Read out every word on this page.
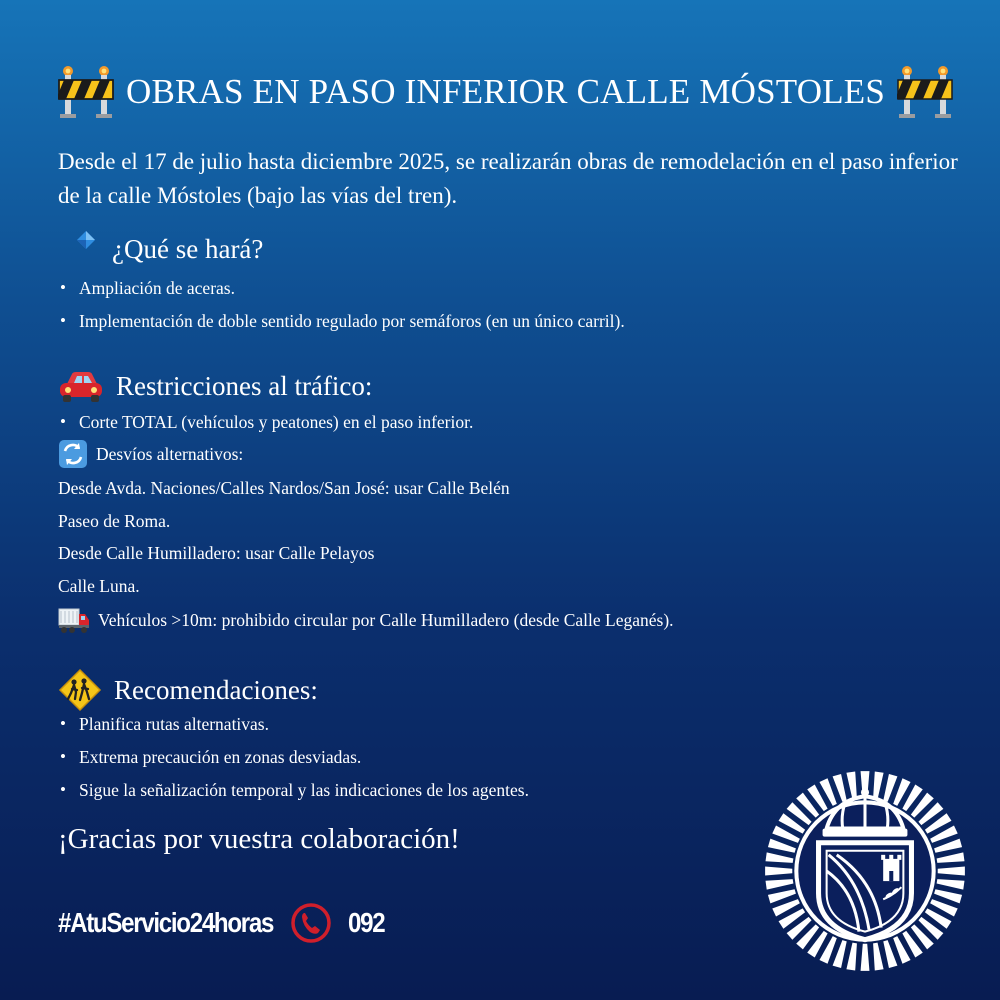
OBRAS EN PASO INFERIOR CALLE MÓSTOLES
Desde el 17 de julio hasta diciembre 2025, se realizarán obras de remodelación en el paso inferior de la calle Móstoles (bajo las vías del tren).
¿Qué se hará?
• Ampliación de aceras.
• Implementación de doble sentido regulado por semáforos (en un único carril).
Restricciones al tráfico:
• Corte TOTAL (vehículos y peatones) en el paso inferior.
Desvíos alternativos:
Desde Avda. Naciones/Calles Nardos/San José: usar Calle Belén
Paseo de Roma.
Desde Calle Humilladero: usar Calle Pelayos
Calle Luna.
Vehículos >10m: prohibido circular por Calle Humilladero (desde Calle Leganés).
Recomendaciones:
• Planifica rutas alternativas.
• Extrema precaución en zonas desviadas.
• Sigue la señalización temporal y las indicaciones de los agentes.
¡Gracias por vuestra colaboración!
#AtuServicio24horas	092
